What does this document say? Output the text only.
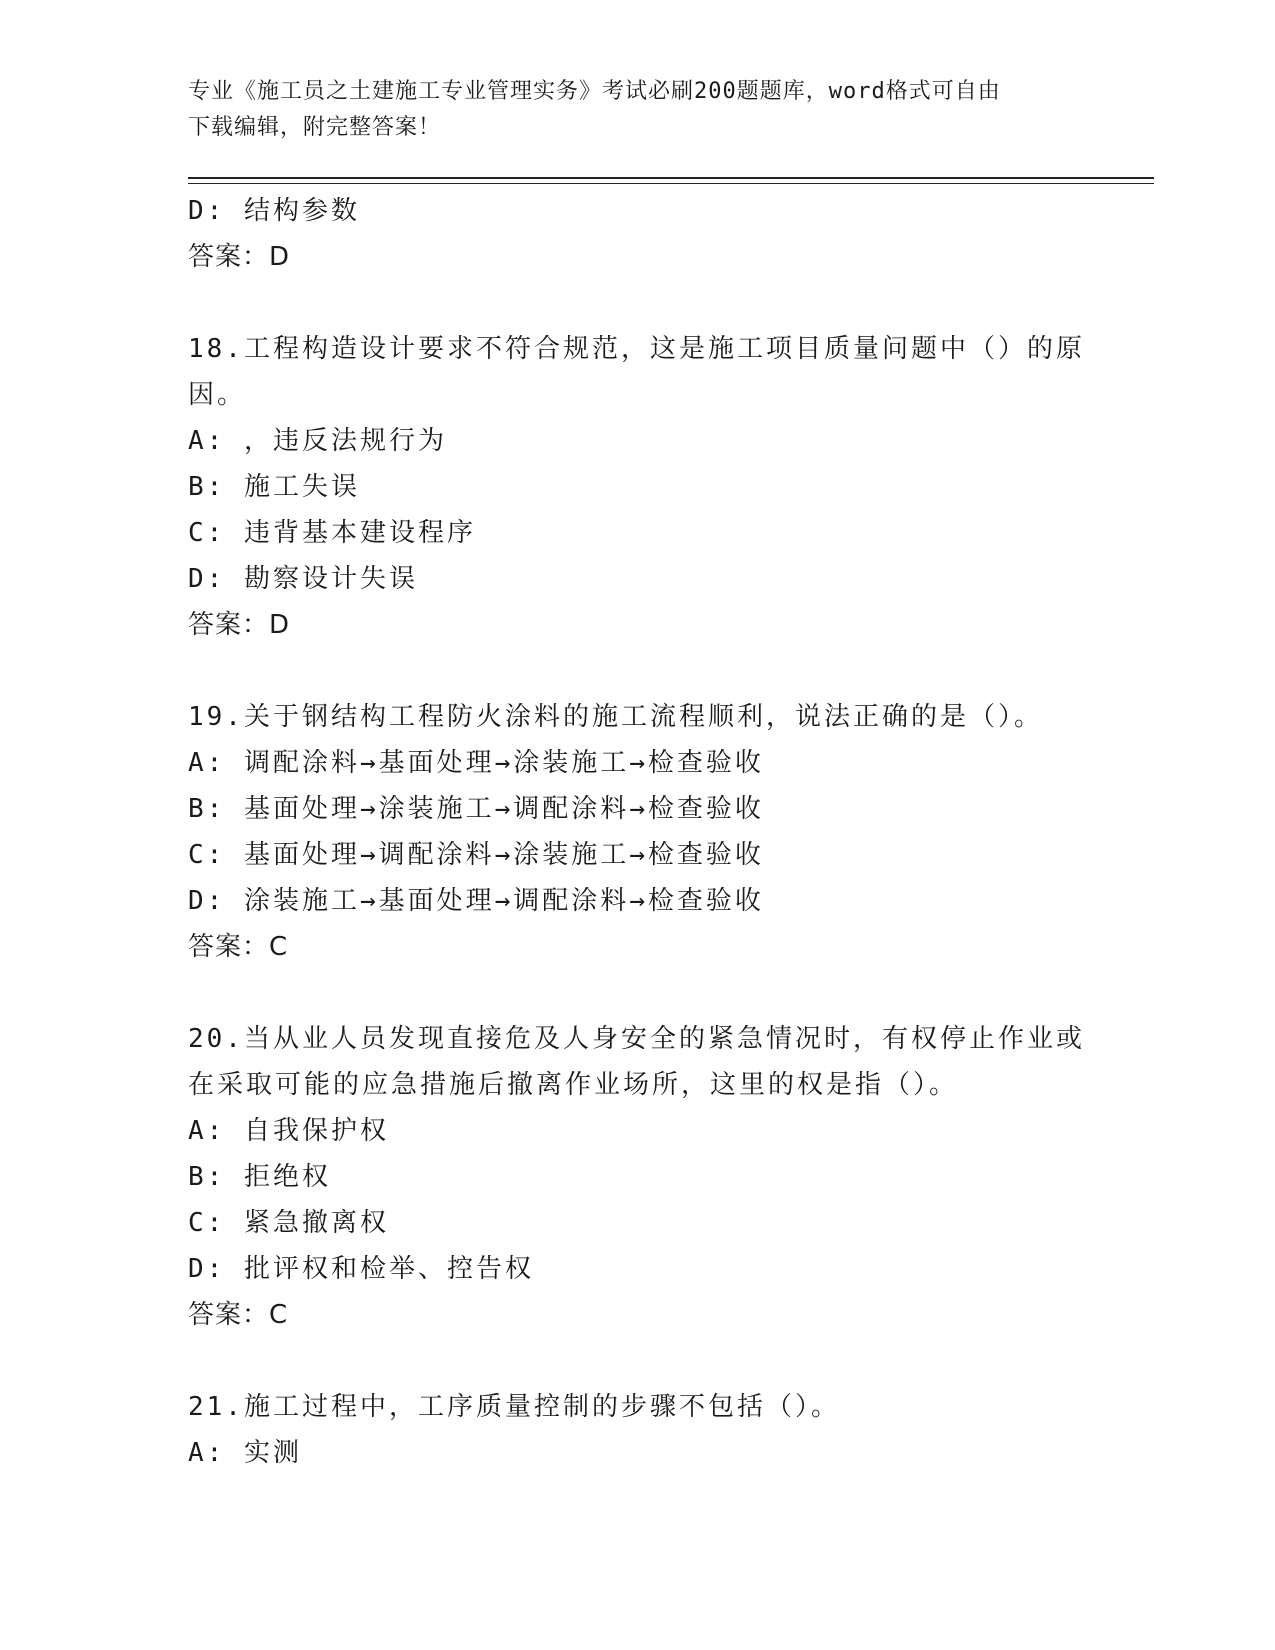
专业《施工员之土建施工专业管理实务》考试必刷200题题库，word格式可自由
下载编辑，附完整答案！
D: 结构参数
答案：D
18.工程构造设计要求不符合规范，这是施工项目质量问题中（）的原
因。
A: ，违反法规行为
B: 施工失误
C: 违背基本建设程序
D: 勘察设计失误
答案：D
19.关于钢结构工程防火涂料的施工流程顺利，说法正确的是（）。
A: 调配涂料→基面处理→涂装施工→检查验收
B: 基面处理→涂装施工→调配涂料→检查验收
C: 基面处理→调配涂料→涂装施工→检查验收
D: 涂装施工→基面处理→调配涂料→检查验收
答案：C
20.当从业人员发现直接危及人身安全的紧急情况时，有权停止作业或
在采取可能的应急措施后撤离作业场所，这里的权是指（）。
A: 自我保护权
B: 拒绝权
C: 紧急撤离权
D: 批评权和检举、控告权
答案：C
21.施工过程中，工序质量控制的步骤不包括（）。
A: 实测
